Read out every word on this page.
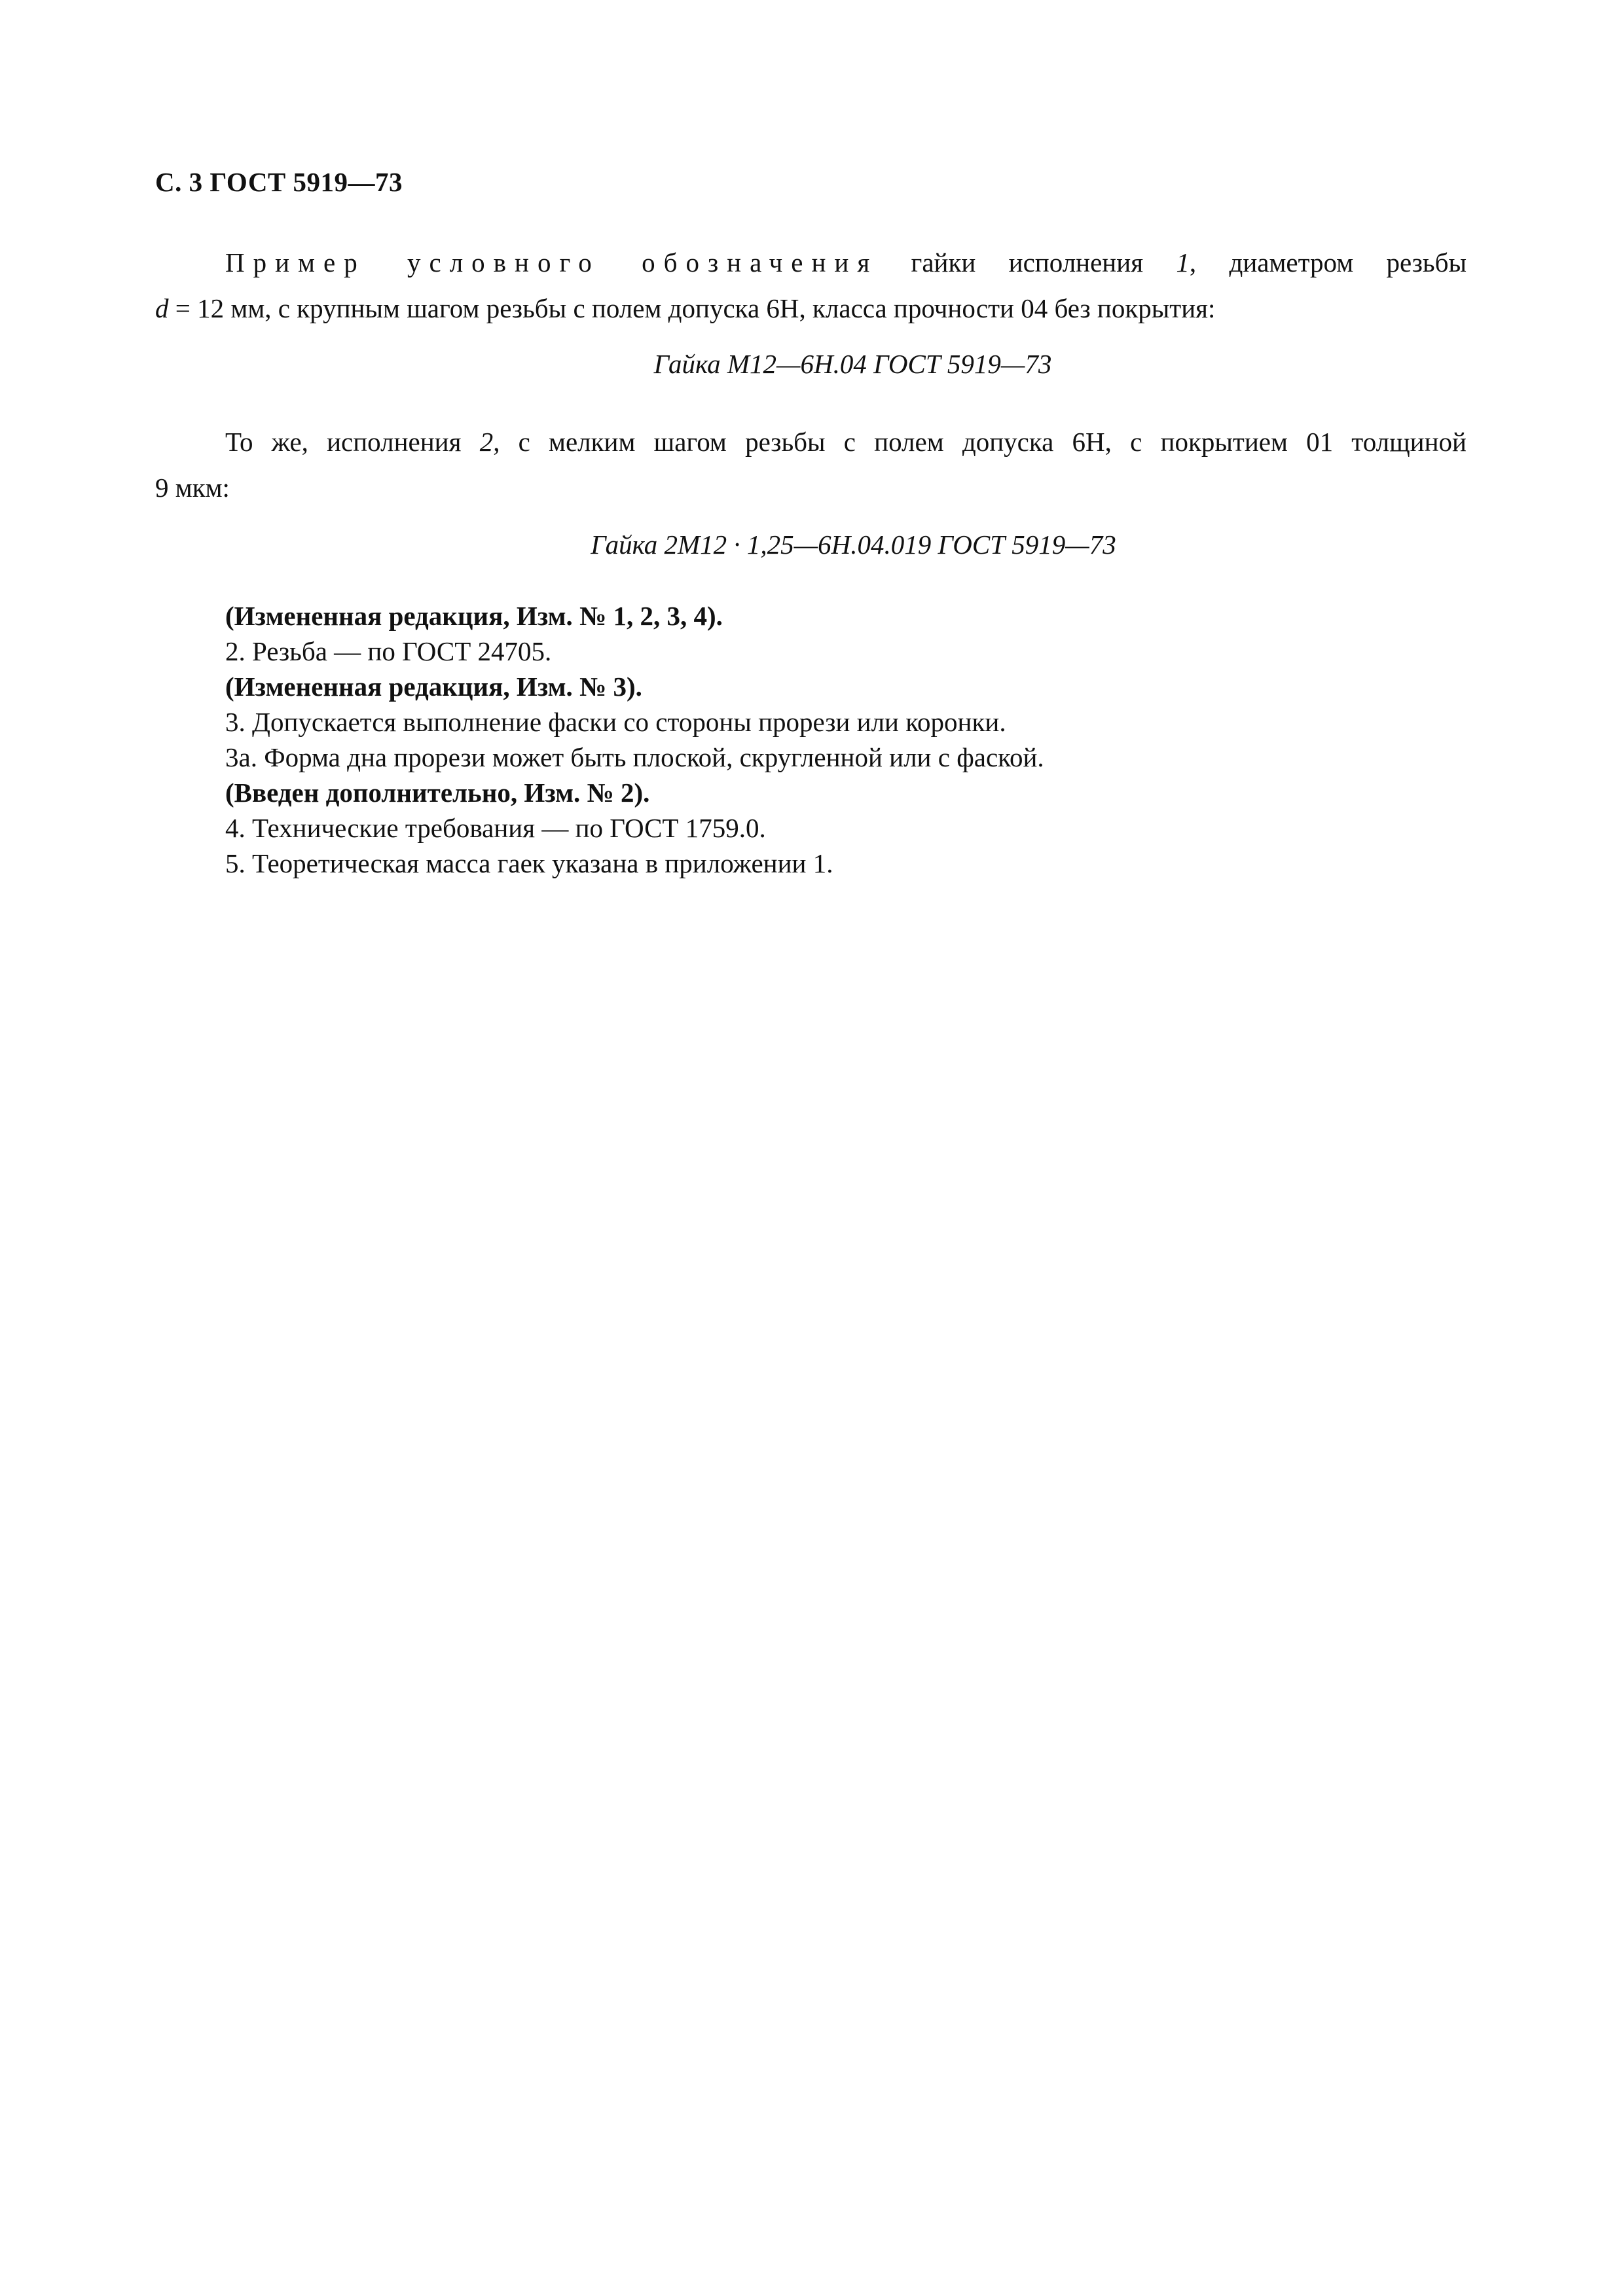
С. 3 ГОСТ 5919—73
Пример условного обозначения гайки исполнения 1, диаметром резьбы
d = 12 мм, с крупным шагом резьбы с полем допуска 6Н, класса прочности 04 без покрытия:
Гайка М12—6Н.04 ГОСТ 5919—73
То же, исполнения 2, с мелким шагом резьбы с полем допуска 6Н, с покрытием 01 толщиной
9 мкм:
Гайка 2М12 · 1,25—6Н.04.019 ГОСТ 5919—73
(Измененная редакция, Изм. № 1, 2, 3, 4).
2. Резьба — по ГОСТ 24705.
(Измененная редакция, Изм. № 3).
3. Допускается выполнение фаски со стороны прорези или коронки.
3а. Форма дна прорези может быть плоской, скругленной или с фаской.
(Введен дополнительно, Изм. № 2).
4. Технические требования — по ГОСТ 1759.0.
5. Теоретическая масса гаек указана в приложении 1.
